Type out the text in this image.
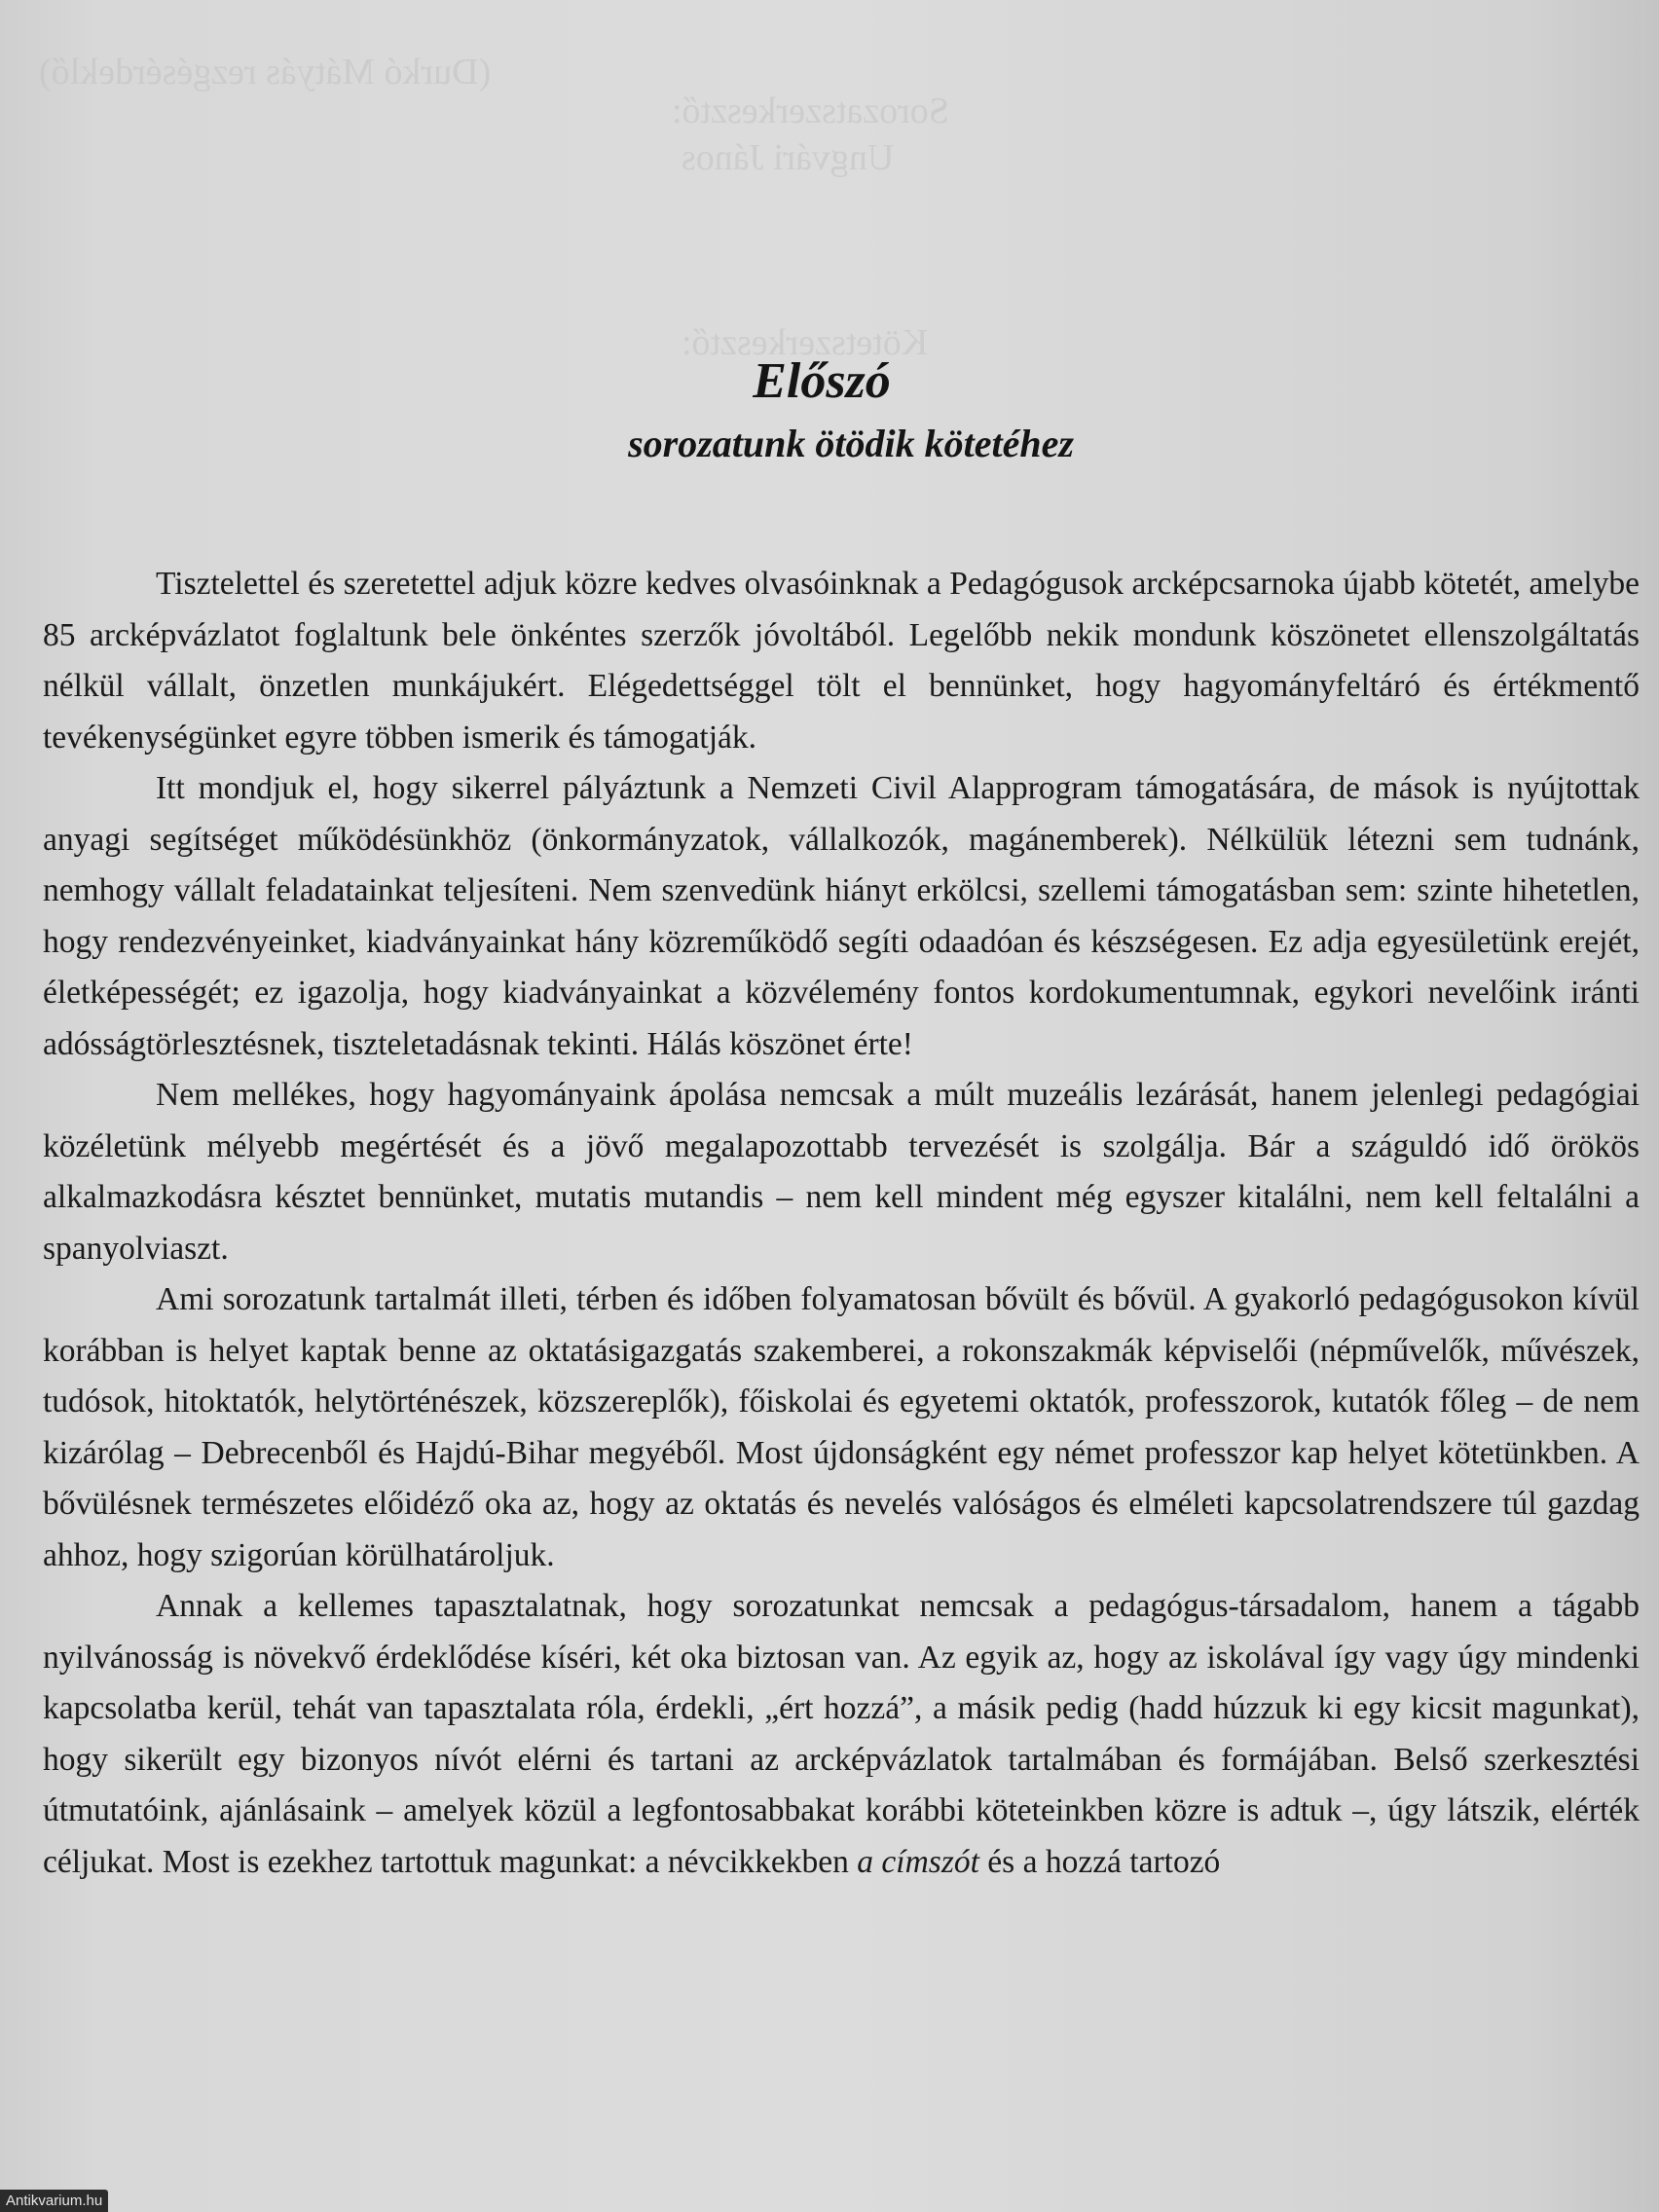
(Durkó Mátyás rezgésérdeklő)
Sorozatszerkesztő:
Ungvári János
Kötetszerkesztő:
Előszó
sorozatunk ötödik kötetéhez

Tisztelettel és szeretettel adjuk közre kedves olvasóinknak a Pedagógusok arcképcsarnoka újabb kötetét, amelybe 85 arcképvázlatot foglaltunk bele önkéntes szerzők jóvoltából. Legelőbb nekik mondunk köszönetet ellenszolgáltatás nélkül vállalt, önzetlen munkájukért. Elégedettséggel tölt el bennünket, hogy hagyományfeltáró és értékmentő tevékenységünket egyre többen ismerik és támogatják.

Itt mondjuk el, hogy sikerrel pályáztunk a Nemzeti Civil Alapprogram támogatására, de mások is nyújtottak anyagi segítséget működésünkhöz (önkormányzatok, vállalkozók, magánemberek). Nélkülük létezni sem tudnánk, nemhogy vállalt feladatainkat teljesíteni. Nem szenvedünk hiányt erkölcsi, szellemi támogatásban sem: szinte hihetetlen, hogy rendezvényeinket, kiadványainkat hány közreműködő segíti odaadóan és készségesen. Ez adja egyesületünk erejét, életképességét; ez igazolja, hogy kiadványainkat a közvélemény fontos kordokumentumnak, egykori nevelőink iránti adósságtörlesztésnek, tiszteletadásnak tekinti. Hálás köszönet érte!

Nem mellékes, hogy hagyományaink ápolása nemcsak a múlt muzeális lezárását, hanem jelenlegi pedagógiai közéletünk mélyebb megértését és a jövő megalapozottabb tervezését is szolgálja. Bár a száguldó idő örökös alkalmazkodásra késztet bennünket, mutatis mutandis – nem kell mindent még egyszer kitalálni, nem kell feltalálni a spanyolviaszt.

Ami sorozatunk tartalmát illeti, térben és időben folyamatosan bővült és bővül. A gyakorló pedagógusokon kívül korábban is helyet kaptak benne az oktatásigazgatás szakemberei, a rokonszakmák képviselői (népművelők, művészek, tudósok, hitoktatók, helytörténészek, közszereplők), főiskolai és egyetemi oktatók, professzorok, kutatók főleg – de nem kizárólag – Debrecenből és Hajdú-Bihar megyéből. Most újdonságként egy német professzor kap helyet kötetünkben. A bővülésnek természetes előidéző oka az, hogy az oktatás és nevelés valóságos és elméleti kapcsolatrendszere túl gazdag ahhoz, hogy szigorúan körülhatároljuk.

Annak a kellemes tapasztalatnak, hogy sorozatunkat nemcsak a pedagógus-társadalom, hanem a tágabb nyilvánosság is növekvő érdeklődése kíséri, két oka biztosan van. Az egyik az, hogy az iskolával így vagy úgy mindenki kapcsolatba kerül, tehát van tapasztalata róla, érdekli, „ért hozzá”, a másik pedig (hadd húzzuk ki egy kicsit magunkat), hogy sikerült egy bizonyos nívót elérni és tartani az arcképvázlatok tartalmában és formájában. Belső szerkesztési útmutatóink, ajánlásaink – amelyek közül a legfontosabbakat korábbi köteteinkben közre is adtuk –, úgy látszik, elérték céljukat. Most is ezekhez tartottuk magunkat: a névcikkekben a címszót és a hozzá tartozó

Antikvarium.hu
